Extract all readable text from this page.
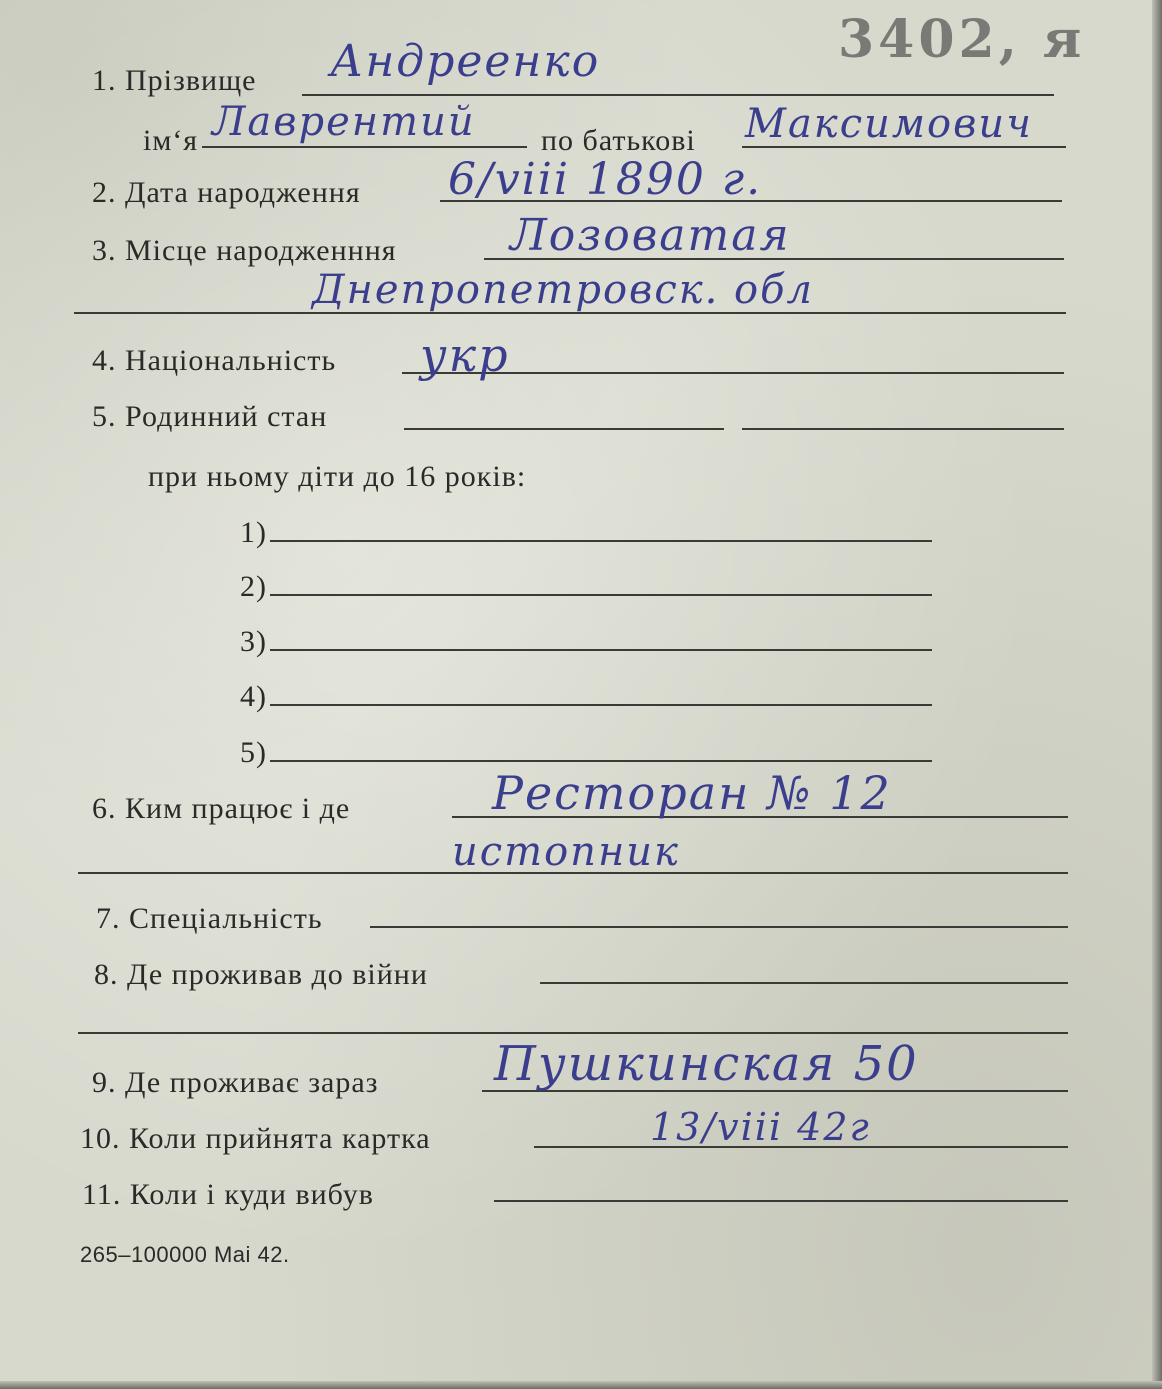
1. Прізвище Андреенко	3402, я
ім‘я Лаврентий по батькові Максимович
2. Дата народження 6/viii 1890 г.
3. Місце народженння	Лозоватая
Днепропетровск. обл
4. Національність укр
5. Родинний стан
при ньому діти до 16 років:
1)
2)
3)
4)
5)
6. Ким працює і де	Ресторан № 12
истопник
7. Спеціальність
8. Де проживав до війни
9. Де проживає зараз Пушкинская 50
10. Коли прийнята картка	13/viii 42г
11. Коли і куди вибув
265–100000 Mai 42.
